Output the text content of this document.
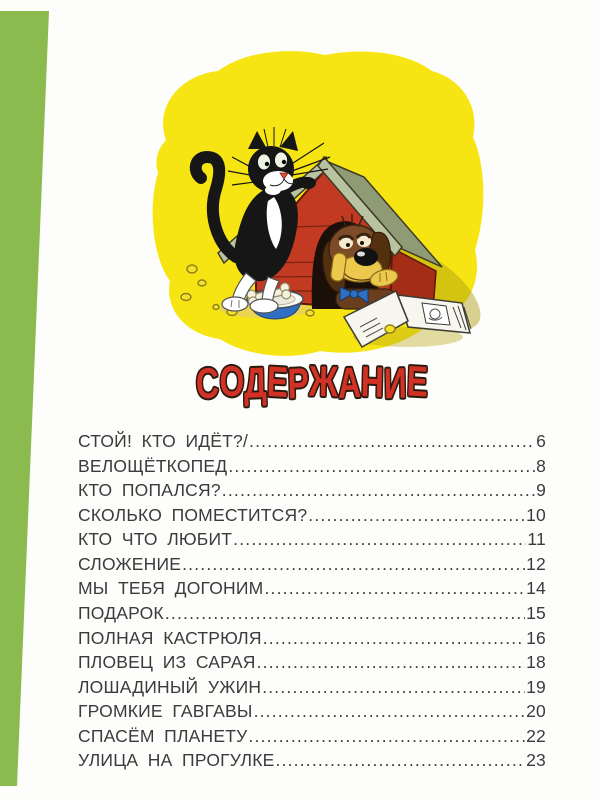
СОДЕРЖАНИЕ
СТОЙ! КТО ИДЁТ?/ .....	6
ВЕЛОЩЁТКОПЕД .....	8
КТО ПОПАЛСЯ? .....	9
СКОЛЬКО ПОМЕСТИТСЯ? .....	10
КТО ЧТО ЛЮБИТ .....	11
СЛОЖЕНИЕ .....	12
МЫ ТЕБЯ ДОГОНИМ .....	14
ПОДАРОК .....	15
ПОЛНАЯ КАСТРЮЛЯ .....	16
ПЛОВЕЦ ИЗ САРАЯ .....	18
ЛОШАДИНЫЙ УЖИН .....	19
ГРОМКИЕ ГАВГАВЫ .....	20
СПАСЁМ ПЛАНЕТУ .....	22
УЛИЦА НА ПРОГУЛКЕ .....	23
